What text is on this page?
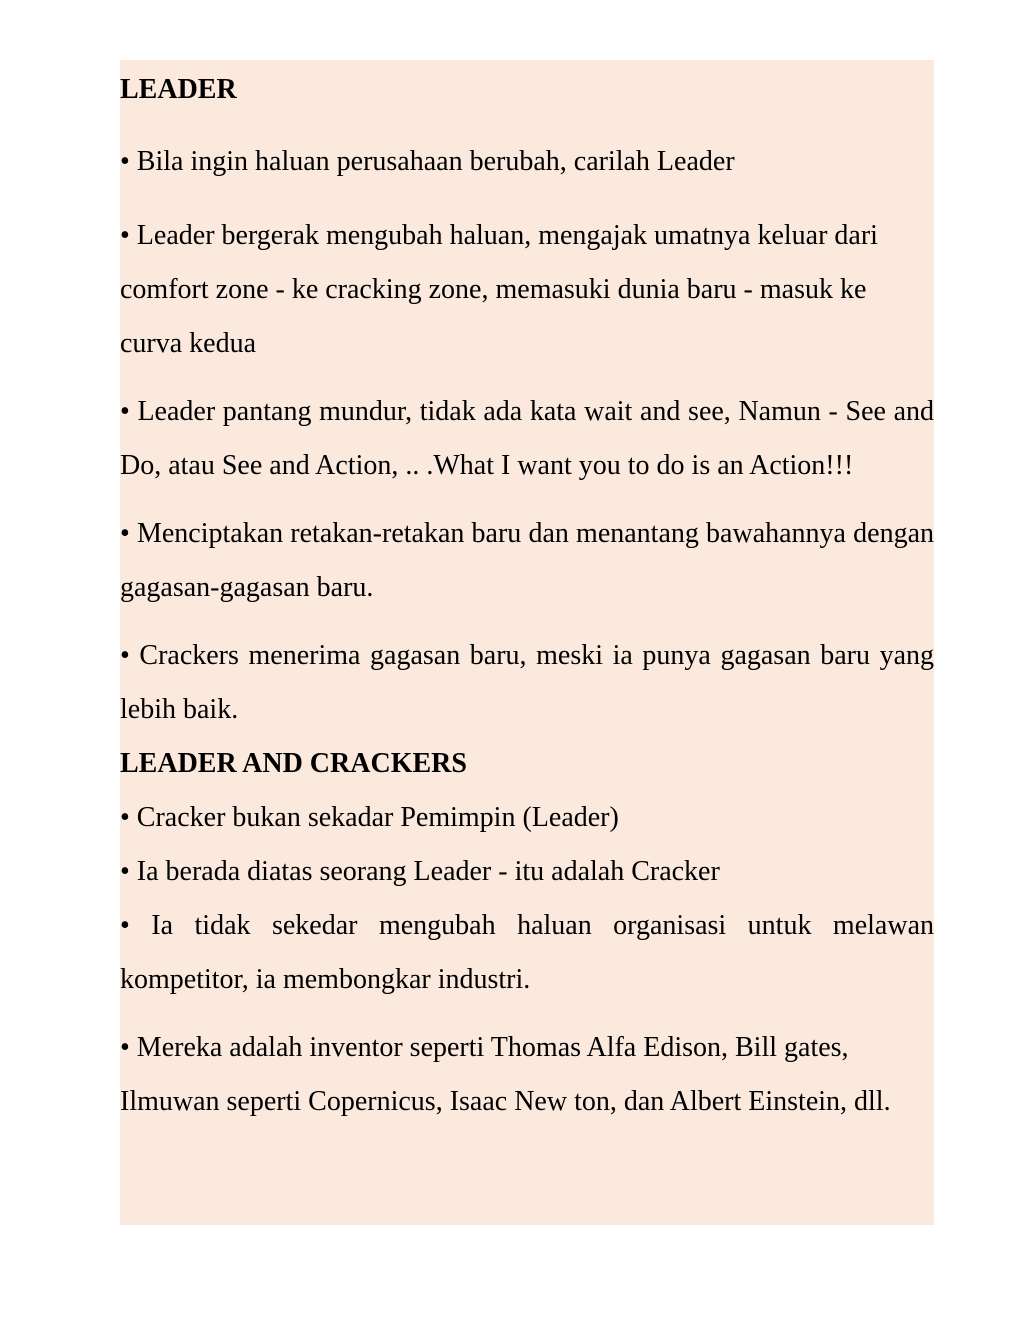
LEADER

• Bila ingin haluan perusahaan berubah, carilah Leader

• Leader bergerak mengubah haluan, mengajak umatnya keluar dari comfort zone - ke cracking zone, memasuki dunia baru - masuk ke curva kedua

• Leader pantang mundur, tidak ada kata wait and see, Namun - See and Do, atau See and Action, .. .What I want you to do is an Action!!!

• Menciptakan retakan-retakan baru dan menantang bawahannya dengan gagasan-gagasan baru.

• Crackers menerima gagasan baru, meski ia punya gagasan baru yang lebih baik.

LEADER AND CRACKERS

• Cracker bukan sekadar Pemimpin (Leader)

• Ia berada diatas seorang Leader - itu adalah Cracker

• Ia tidak sekedar mengubah haluan organisasi untuk melawan kompetitor, ia membongkar industri.

• Mereka adalah inventor seperti Thomas Alfa Edison, Bill gates, Ilmuwan seperti Copernicus, Isaac New ton, dan Albert Einstein, dll.
